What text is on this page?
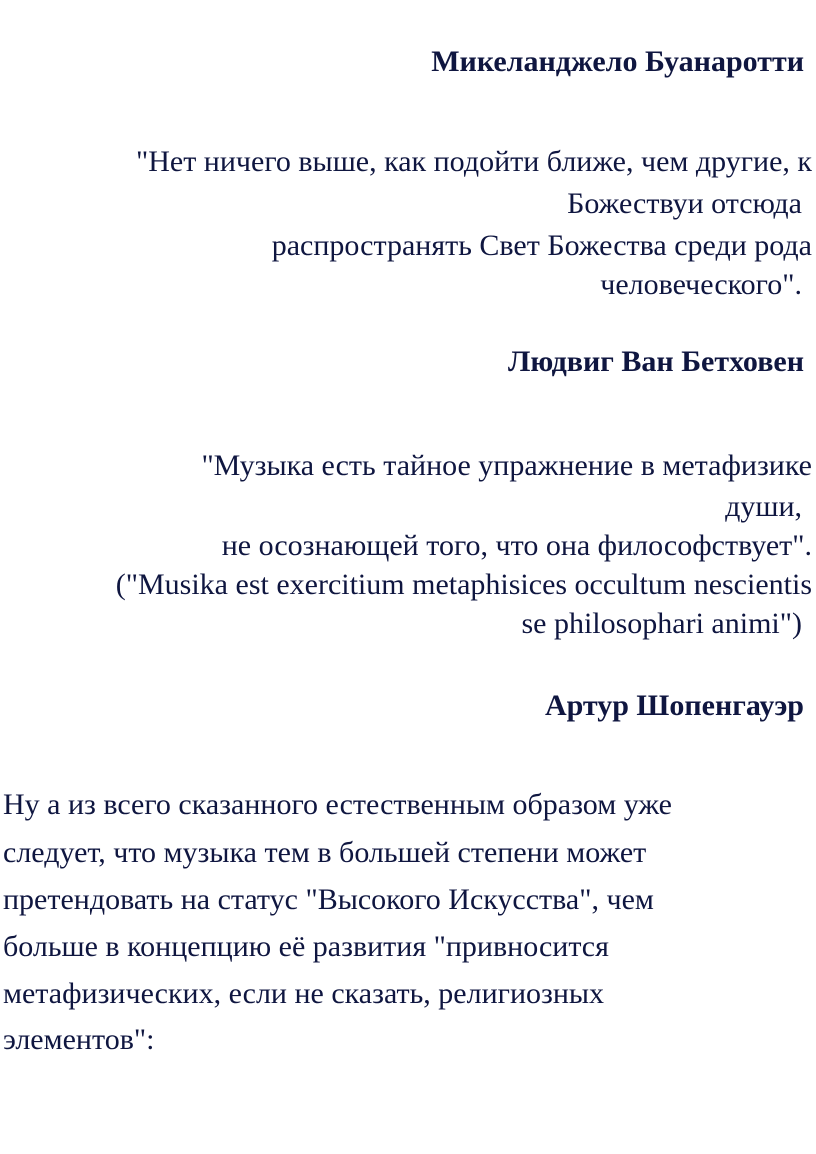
Микеланджело Буанаротти
"Нет ничего выше, как подойти ближе, чем другие, к
Божествуи отсюда
распространять Свет Божества среди рода
человеческого".
Людвиг Ван Бетховен
"Музыка есть тайное упражнение в метафизике
души,
не осознающей того, что она философствует".
("Musika est exercitium metaphisices occultum nescientis
se philosophari animi")
Артур Шопенгауэр
Ну а из всего сказанного естественным образом уже
следует, что музыка тем в большей степени может
претендовать на статус "Высокого Искусства", чем
больше в концепцию её развития "привносится
метафизических, если не сказать, религиозных
элементов":
